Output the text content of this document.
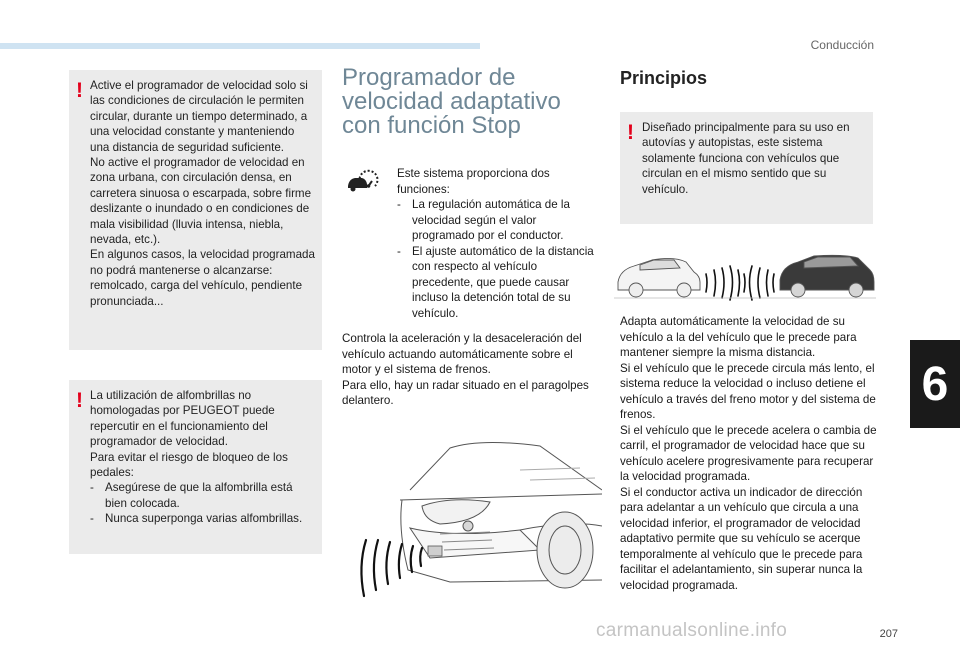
Conducción
6
207
! Active el programador de velocidad solo si las condiciones de circulación le permiten circular, durante un tiempo determinado, a una velocidad constante y manteniendo una distancia de seguridad suficiente.

No active el programador de velocidad en zona urbana, con circulación densa, en carretera sinuosa o escarpada, sobre firme deslizante o inundado o en condiciones de mala visibilidad (lluvia intensa, niebla, nevada, etc.).

En algunos casos, la velocidad programada no podrá mantenerse o alcanzarse: remolcado, carga del vehículo, pendiente pronunciada...

! La utilización de alfombrillas no homologadas por PEUGEOT puede repercutir en el funcionamiento del programador de velocidad.

Para evitar el riesgo de bloqueo de los pedales:

- Asegúrese de que la alfombrilla está bien colocada.
- Nunca superponga varias alfombrillas.
Programador de velocidad adaptativo con función Stop

Este sistema proporciona dos funciones:

- La regulación automática de la velocidad según el valor programado por el conductor.
- El ajuste automático de la distancia con respecto al vehículo precedente, que puede causar incluso la detención total de su vehículo.

Controla la aceleración y la desaceleración del vehículo actuando automáticamente sobre el motor y el sistema de frenos.

Para ello, hay un radar situado en el paragolpes delantero.

Principios
! Diseñado principalmente para su uso en autovías y autopistas, este sistema solamente funciona con vehículos que circulan en el mismo sentido que su vehículo.

Adapta automáticamente la velocidad de su vehículo a la del vehículo que le precede para mantener siempre la misma distancia.

Si el vehículo que le precede circula más lento, el sistema reduce la velocidad o incluso detiene el vehículo a través del freno motor y del sistema de frenos.

Si el vehículo que le precede acelera o cambia de carril, el programador de velocidad hace que su vehículo acelere progresivamente para recuperar la velocidad programada.

Si el conductor activa un indicador de dirección para adelantar a un vehículo que circula a una velocidad inferior, el programador de velocidad adaptativo permite que su vehículo se acerque temporalmente al vehículo que le precede para facilitar el adelantamiento, sin superar nunca la velocidad programada.

carmanualsonline.info
